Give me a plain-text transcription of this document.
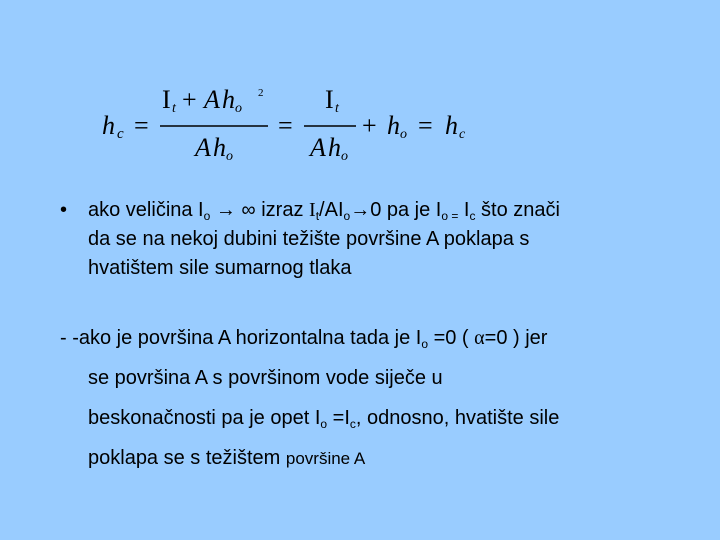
h c =
I t + A h o
2
A h o
=
I t
A h o
+ h o = h c
• ako veličina $I_o$ → ∞ izraz $I_t/AI_o\to 0$ pa je $I_{o =}$ $I_c$ što znači
da se na nekoj dubini težište površine A poklapa s
hvatištem sile sumarnog tlaka
- -ako je površina A horizontalna tada je $I_o =0$ ( α=0 ) jer
se površina A s površinom vode siječe u
beskonačnosti pa je opet $I_o =I_c$, odnosno, hvatište sile
poklapa se s težištem površine A
